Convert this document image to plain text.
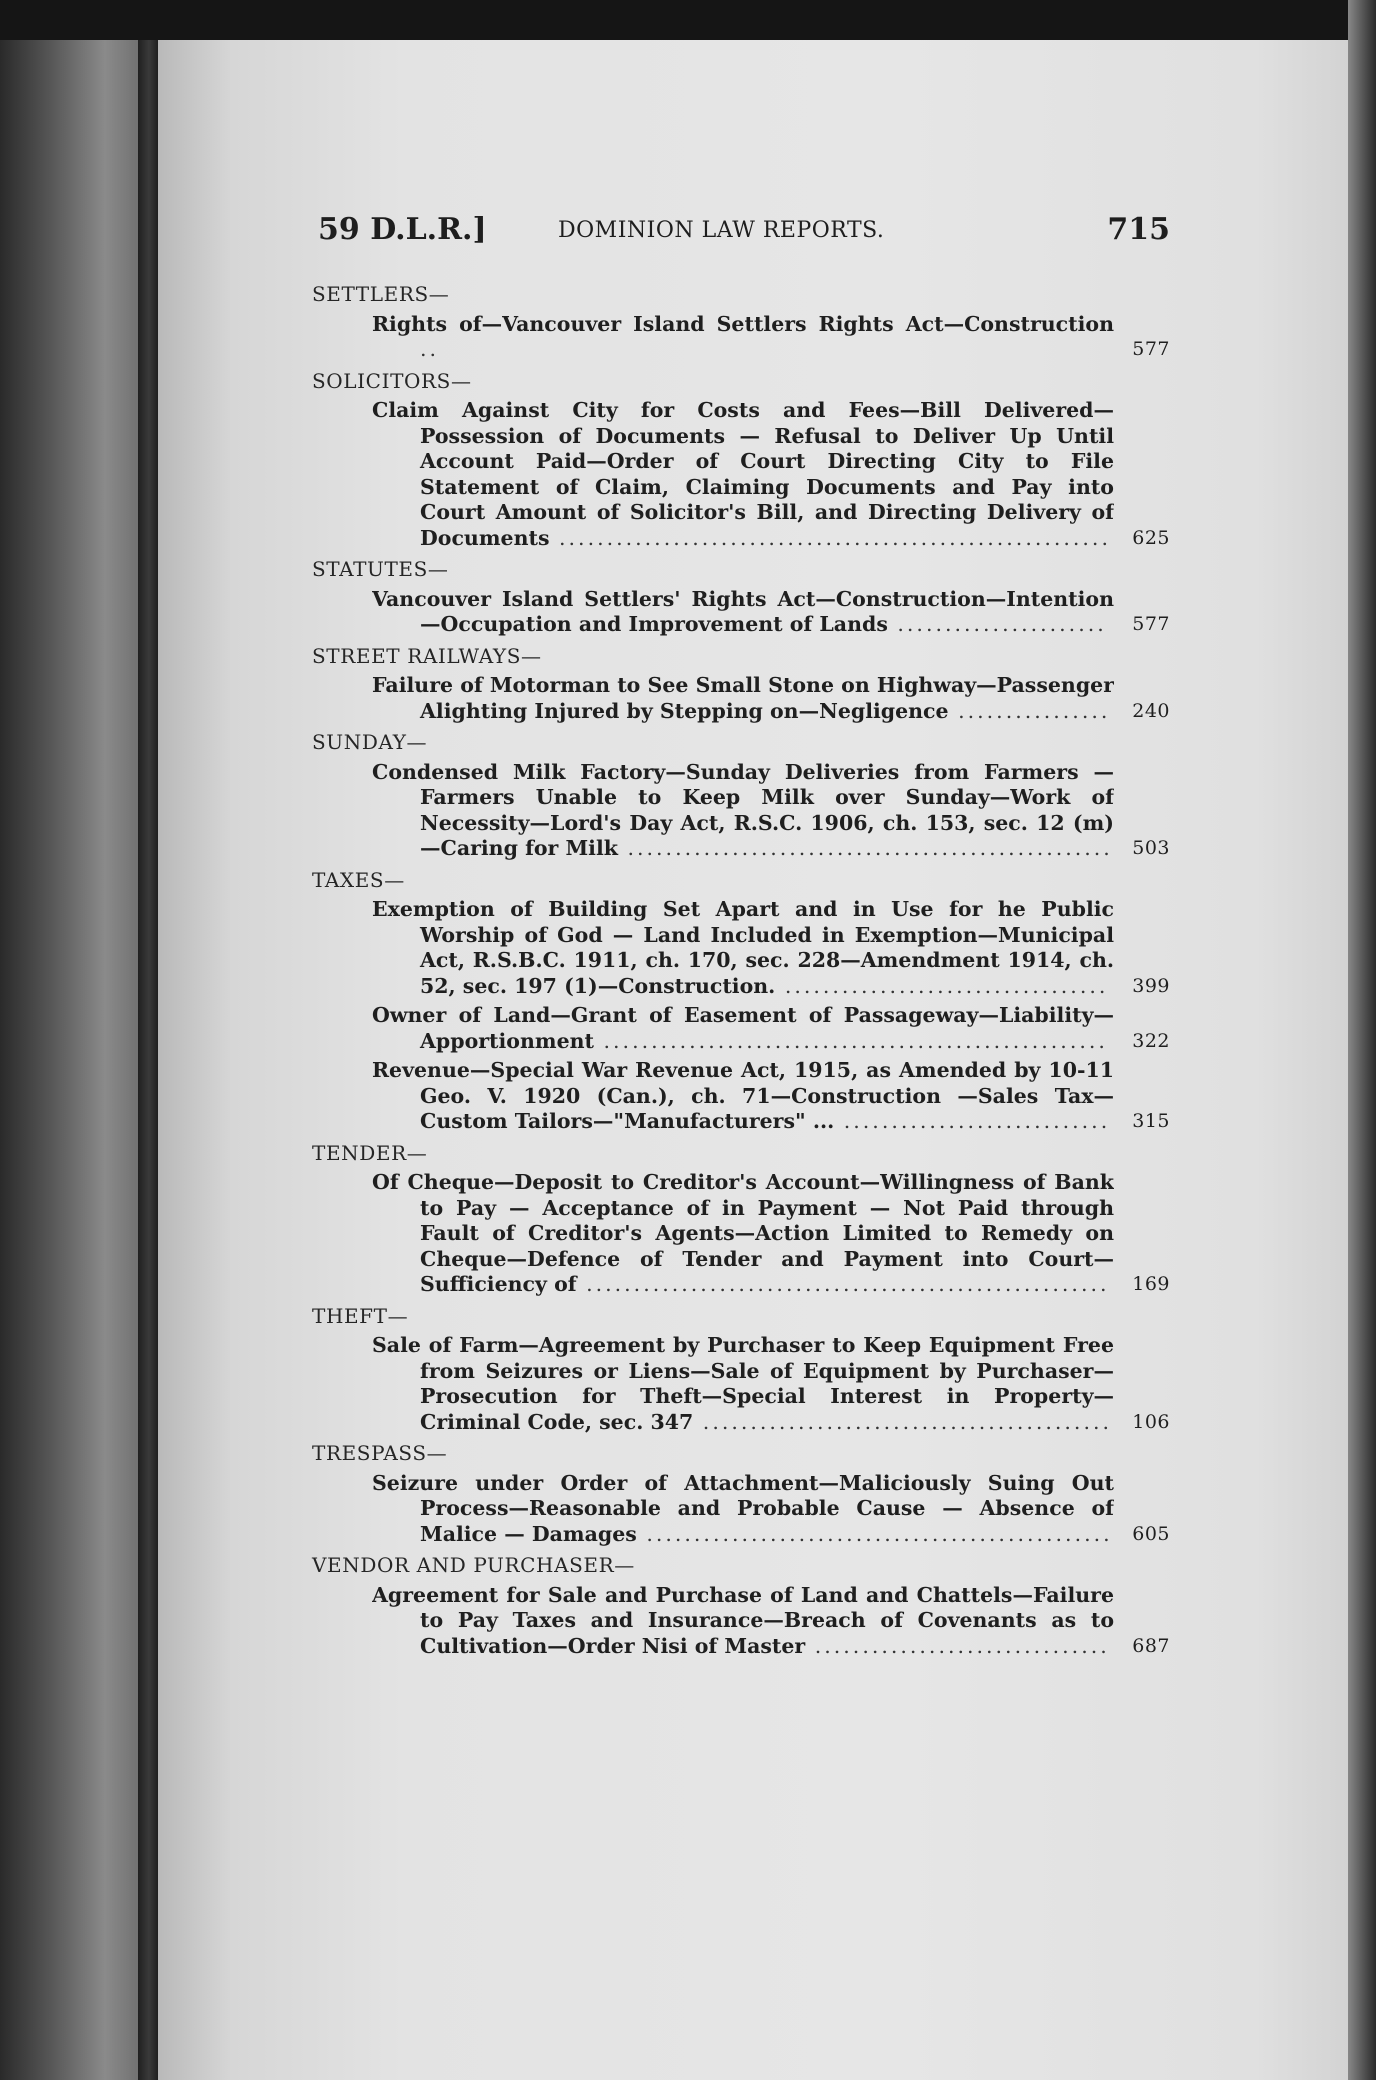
59 D.L.R.]	DOMINION LAW REPORTS.	715
SETTLERS—
Rights of—Vancouver Island Settlers Rights Act—Construction ..	577
SOLICITORS—
Claim Against City for Costs and Fees—Bill Delivered—Possession of Documents — Refusal to Deliver Up Until Account Paid—Order of Court Directing City to File Statement of Claim, Claiming Documents and Pay into Court Amount of Solicitor's Bill, and Directing Delivery of Documents ..........................................................	625
STATUTES—
Vancouver Island Settlers' Rights Act—Construction—Intention—Occupation and Improvement of Lands ......................	577
STREET RAILWAYS—
Failure of Motorman to See Small Stone on Highway—Passenger Alighting Injured by Stepping on—Negligence ................	240
SUNDAY—
Condensed Milk Factory—Sunday Deliveries from Farmers —Farmers Unable to Keep Milk over Sunday—Work of Necessity—Lord's Day Act, R.S.C. 1906, ch. 153, sec. 12 (m)—Caring for Milk ...................................................	503
TAXES—
Exemption of Building Set Apart and in Use for he Public Worship of God — Land Included in Exemption—Municipal Act, R.S.B.C. 1911, ch. 170, sec. 228—Amendment 1914, ch. 52, sec. 197 (1)—Construction. ..................................	399
Owner of Land—Grant of Easement of Passageway—Liability—Apportionment .....................................................	322
Revenue—Special War Revenue Act, 1915, as Amended by 10-11 Geo. V. 1920 (Can.), ch. 71—Construction —Sales Tax—Custom Tailors—"Manufacturers" ... ............................	315
TENDER—
Of Cheque—Deposit to Creditor's Account—Willingness of Bank to Pay — Acceptance of in Payment — Not Paid through Fault of Creditor's Agents—Action Limited to Remedy on Cheque—Defence of Tender and Payment into Court—Sufficiency of .......................................................	169
THEFT—
Sale of Farm—Agreement by Purchaser to Keep Equipment Free from Seizures or Liens—Sale of Equipment by Purchaser—Prosecution for Theft—Special Interest in Property—Criminal Code, sec. 347 ...........................................	106
TRESPASS—
Seizure under Order of Attachment—Maliciously Suing Out Process—Reasonable and Probable Cause — Absence of Malice — Damages .................................................	605
VENDOR AND PURCHASER—
Agreement for Sale and Purchase of Land and Chattels—Failure to Pay Taxes and Insurance—Breach of Covenants as to Cultivation—Order Nisi of Master ...............................	687
